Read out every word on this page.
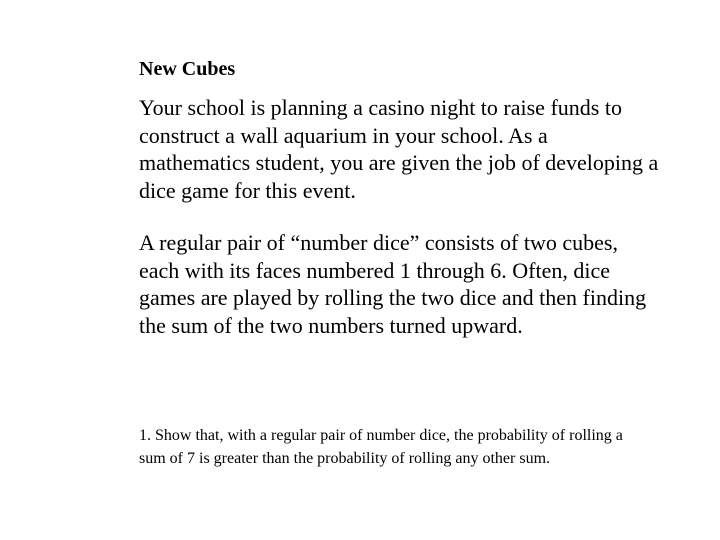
New Cubes
Your school is planning a casino night to raise funds to construct a wall aquarium in your school. As a mathematics student, you are given the job of developing a dice game for this event.
A regular pair of “number dice” consists of two cubes, each with its faces numbered 1 through 6. Often, dice games are played by rolling the two dice and then finding the sum of the two numbers turned upward.
1. Show that, with a regular pair of number dice, the probability of rolling a sum of 7 is greater than the probability of rolling any other sum.
